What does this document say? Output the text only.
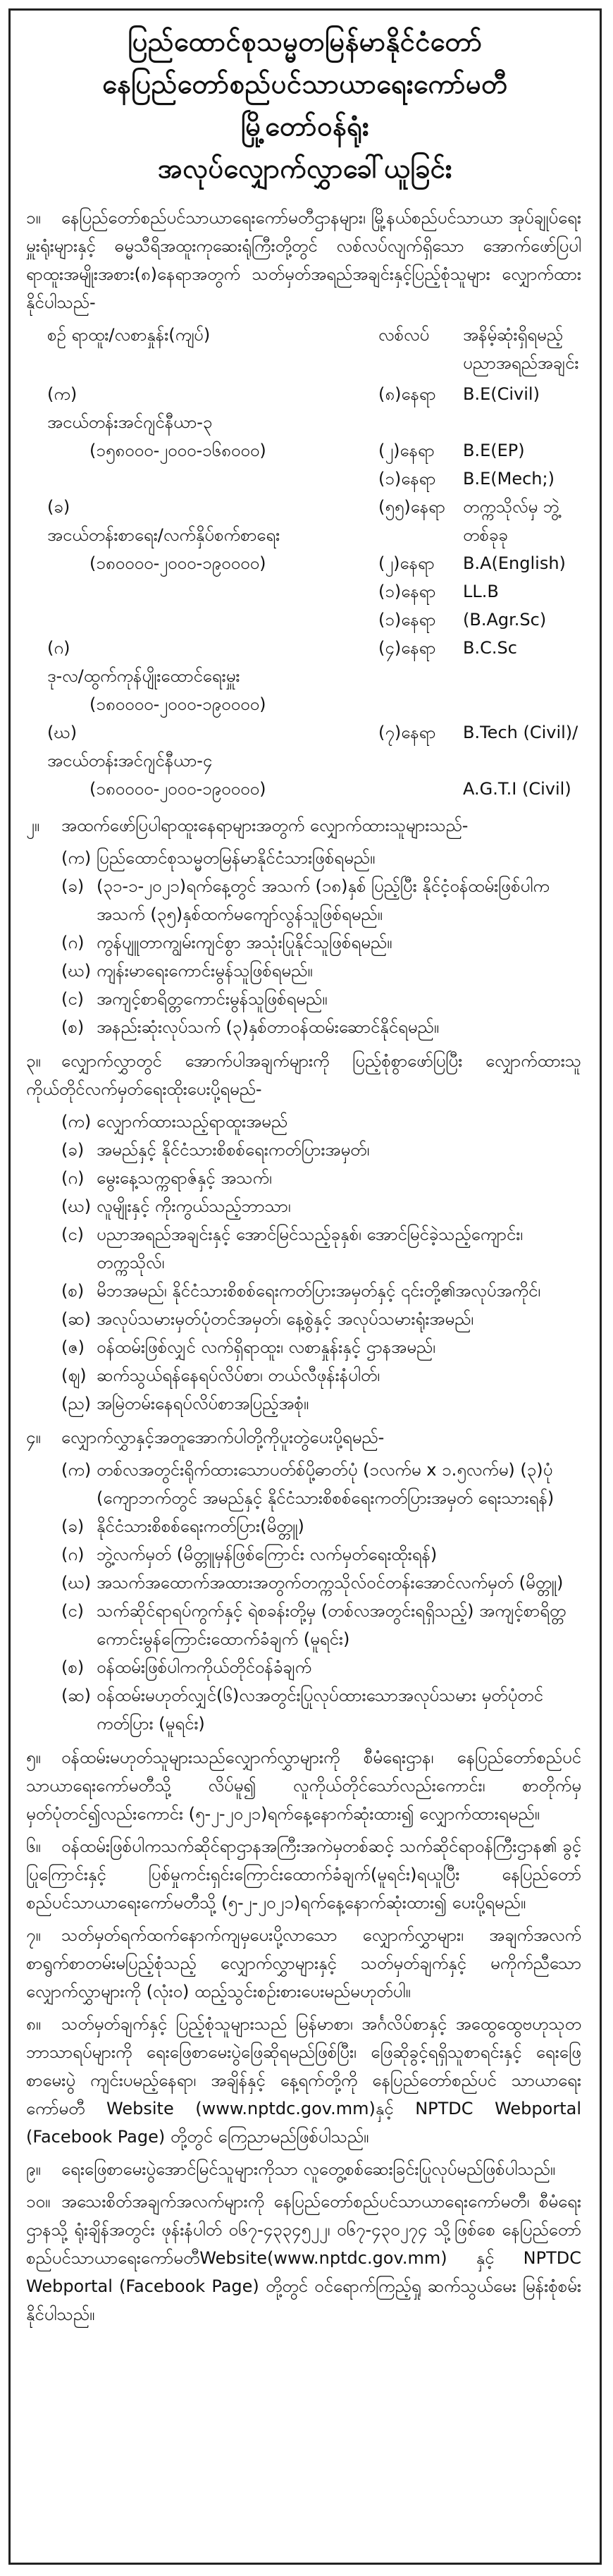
ပြည်ထောင်စုသမ္မတမြန်မာနိုင်ငံတော်
နေပြည်တော်စည်ပင်သာယာရေးကော်မတီ
မြို့တော်ဝန်ရုံး
အလုပ်လျှောက်လွှာခေါ်ယူခြင်း

၁။ နေပြည်တော်စည်ပင်သာယာရေးကော်မတီဌာနများ၊ မြို့နယ်စည်ပင်သာယာ အုပ်ချုပ်ရေးမှူးရုံးများနှင့် ဓမ္မသီရိအထူးကုဆေးရုံကြီးတို့တွင် လစ်လပ်လျက်ရှိသော အောက်ဖော်ပြပါ ရာထူးအမျိုးအစား(၈)နေရာအတွက် သတ်မှတ်အရည်အချင်းနှင့်ပြည့်စုံသူများ လျှောက်ထားနိုင်ပါသည်-

စဉ် ရာထူး/လစာနှုန်း(ကျပ်)	လစ်လပ်	အနိမ့်ဆုံးရှိရမည့်
ပညာအရည်အချင်း
(က)
အငယ်တန်းအင်ဂျင်နီယာ-၃
(၈)နေရာ	B.E(Civil)
(၁၅၈၀၀၀-၂၀၀၀-၁၆၈၀၀၀)	(၂)နေရာ	B.E(EP)
(၁)နေရာ	B.E(Mech;)
(ခ)
အငယ်တန်းစာရေး/လက်နှိပ်စက်စာရေး
(၅၅)နေရာ	တက္ကသိုလ်မှ ဘွဲ့တစ်ခုခု
(၁၈၀၀၀၀-၂၀၀၀-၁၉၀၀၀၀)	(၂)နေရာ	B.A(English)
(၁)နေရာ	LL.B
(၁)နေရာ	(B.Agr.Sc)
(ဂ)
ဒု-လ/ထွက်ကုန်ပျိုးထောင်ရေးမှူး
(၄)နေရာ	B.C.Sc
(၁၈၀၀၀၀-၂၀၀၀-၁၉၀၀၀၀)
(ဃ)
အငယ်တန်းအင်ဂျင်နီယာ-၄
(၇)နေရာ	B.Tech (Civil)/
(၁၈၀၀၀၀-၂၀၀၀-၁၉၀၀၀၀)	A.G.T.I (Civil)

၂။ အထက်ဖော်ပြပါရာထူးနေရာများအတွက် လျှောက်ထားသူများသည်-

(က) ပြည်ထောင်စုသမ္မတမြန်မာနိုင်ငံသားဖြစ်ရမည်။
(ခ) (၃၁-၁-၂၀၂၁)ရက်နေ့တွင် အသက် (၁၈)နှစ် ပြည့်ပြီး နိုင်ငံ့ဝန်ထမ်းဖြစ်ပါက အသက် (၃၅)နှစ်ထက်မကျော်လွန်သူဖြစ်ရမည်။
(ဂ) ကွန်ပျူတာကျွမ်းကျင်စွာ အသုံးပြုနိုင်သူဖြစ်ရမည်။
(ဃ) ကျန်းမာရေးကောင်းမွန်သူဖြစ်ရမည်။
(င) အကျင့်စာရိတ္တကောင်းမွန်သူဖြစ်ရမည်။
(စ) အနည်းဆုံးလုပ်သက် (၃)နှစ်တာဝန်ထမ်းဆောင်နိုင်ရမည်။

၃။ လျှောက်လွှာတွင် အောက်ပါအချက်များကို ပြည့်စုံစွာဖော်ပြပြီး လျှောက်ထားသူ ကိုယ်တိုင်လက်မှတ်ရေးထိုးပေးပို့ရမည်-

(က) လျှောက်ထားသည့်ရာထူးအမည်
(ခ) အမည်နှင့် နိုင်ငံသားစိစစ်ရေးကတ်ပြားအမှတ်၊
(ဂ) မွေးနေ့သက္ကရာဇ်နှင့် အသက်၊
(ဃ) လူမျိုးနှင့် ကိုးကွယ်သည့်ဘာသာ၊
(င) ပညာအရည်အချင်းနှင့် အောင်မြင်သည့်ခုနှစ်၊ အောင်မြင်ခဲ့သည့်ကျောင်း၊ တက္ကသိုလ်၊
(စ) မိဘအမည်၊ နိုင်ငံသားစိစစ်ရေးကတ်ပြားအမှတ်နှင့် ၎င်းတို့၏အလုပ်အကိုင်၊
(ဆ) အလုပ်သမားမှတ်ပုံတင်အမှတ်၊ နေ့စွဲနှင့် အလုပ်သမားရုံးအမည်၊
(ဇ) ဝန်ထမ်းဖြစ်လျှင် လက်ရှိရာထူး၊ လစာနှုန်းနှင့် ဌာနအမည်၊
(ဈ) ဆက်သွယ်ရန်နေရပ်လိပ်စာ၊ တယ်လီဖုန်းနံပါတ်၊
(ည) အမြဲတမ်းနေရပ်လိပ်စာအပြည့်အစုံ။

၄။ လျှောက်လွှာနှင့်အတူအောက်ပါတို့ကိုပူးတွဲပေးပို့ရမည်-

(က) တစ်လအတွင်းရိုက်ထားသောပတ်စ်ပို့ဓာတ်ပုံ (၁လက်မ x ၁.၅လက်မ) (၃)ပုံ (ကျောဘက်တွင် အမည်နှင့် နိုင်ငံသားစိစစ်ရေးကတ်ပြားအမှတ် ရေးသားရန်)
(ခ) နိုင်ငံသားစိစစ်ရေးကတ်ပြား(မိတ္တူ)
(ဂ) ဘွဲ့လက်မှတ် (မိတ္တူမှန်ဖြစ်ကြောင်း လက်မှတ်ရေးထိုးရန်)
(ဃ) အသက်အထောက်အထားအတွက်တက္ကသိုလ်ဝင်တန်းအောင်လက်မှတ် (မိတ္တူ)
(င) သက်ဆိုင်ရာရပ်ကွက်နှင့် ရဲစခန်းတို့မှ (တစ်လအတွင်းရရှိသည့်) အကျင့်စာရိတ္တကောင်းမွန်ကြောင်းထောက်ခံချက် (မူရင်း)
(စ) ဝန်ထမ်းဖြစ်ပါကကိုယ်တိုင်ဝန်ခံချက်
(ဆ) ဝန်ထမ်းမဟုတ်လျှင်(၆)လအတွင်းပြုလုပ်ထားသောအလုပ်သမား မှတ်ပုံတင်ကတ်ပြား (မူရင်း)

၅။ ဝန်ထမ်းမဟုတ်သူများသည်လျှောက်လွှာများကို စီမံရေးဌာန၊ နေပြည်တော်စည်ပင် သာယာရေးကော်မတီသို့ လိပ်မူ၍ လူကိုယ်တိုင်သော်လည်းကောင်း၊ စာတိုက်မှ မှတ်ပုံတင်၍လည်းကောင်း (၅-၂-၂၀၂၁)ရက်နေ့နောက်ဆုံးထား၍ လျှောက်ထားရမည်။

၆။ ဝန်ထမ်းဖြစ်ပါကသက်ဆိုင်ရာဌာနအကြီးအကဲမှတစ်ဆင့် သက်ဆိုင်ရာဝန်ကြီးဌာန၏ ခွင့်ပြုကြောင်းနှင့် ပြစ်မှုကင်းရှင်းကြောင်းထောက်ခံချက်(မူရင်း)ရယူပြီး နေပြည်တော် စည်ပင်သာယာရေးကော်မတီသို့ (၅-၂-၂၀၂၁)ရက်နေ့နောက်ဆုံးထား၍ ပေးပို့ရမည်။

၇။ သတ်မှတ်ရက်ထက်နောက်ကျမှပေးပို့လာသော လျှောက်လွှာများ၊ အချက်အလက် စာရွက်စာတမ်းမပြည့်စုံသည့် လျှောက်လွှာများနှင့် သတ်မှတ်ချက်နှင့် မကိုက်ညီသော လျှောက်လွှာများကို (လုံးဝ) ထည့်သွင်းစဉ်းစားပေးမည်မဟုတ်ပါ။

၈။ သတ်မှတ်ချက်နှင့် ပြည့်စုံသူများသည် မြန်မာစာ၊ အင်္ဂလိပ်စာနှင့် အထွေထွေဗဟုသုတ ဘာသာရပ်များကို ရေးဖြေစာမေးပွဲဖြေဆိုရမည်ဖြစ်ပြီး၊ ဖြေဆိုခွင့်ရရှိသူစာရင်းနှင့် ရေးဖြေစာမေးပွဲ ကျင်းပမည့်နေရာ၊ အချိန်နှင့် နေ့ရက်တို့ကို နေပြည်တော်စည်ပင် သာယာရေးကော်မတီ Website (www.nptdc.gov.mm)နှင့် NPTDC Webportal (Facebook Page) တို့တွင် ကြေညာမည်ဖြစ်ပါသည်။

၉။ ရေးဖြေစာမေးပွဲအောင်မြင်သူများကိုသာ လူတွေ့စစ်ဆေးခြင်းပြုလုပ်မည်ဖြစ်ပါသည်။

၁၀။ အသေးစိတ်အချက်အလက်များကို နေပြည်တော်စည်ပင်သာယာရေးကော်မတီ၊ စီမံရေးဌာနသို့ ရုံးချိန်အတွင်း ဖုန်းနံပါတ် ၀၆၇-၄၃၃၄၅၂၂၊ ၀၆၇-၄၃၀၂၇၄ သို့ဖြစ်စေ နေပြည်တော်စည်ပင်သာယာရေးကော်မတီWebsite(www.nptdc.gov.mm) နှင့် NPTDC Webportal (Facebook Page) တို့တွင် ဝင်ရောက်ကြည့်ရှု ဆက်သွယ်မေး မြန်းစုံစမ်းနိုင်ပါသည်။
